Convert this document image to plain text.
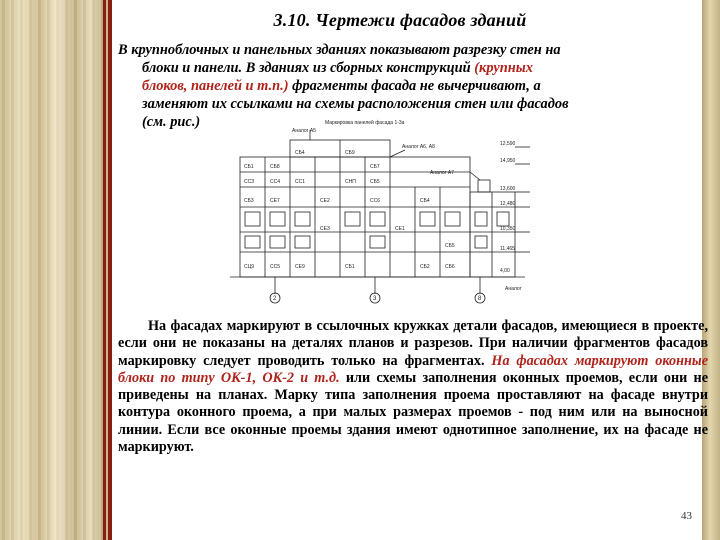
3.10. Чертежи фасадов зданий

В крупноблочных и панельных зданиях показывают разрезку стен на

блоки и панели. В зданиях из сборных конструкций (крупных

блоков, панелей и т.п.) фрагменты фасада не вычерчивают, а

заменяют их ссылками на схемы расположения стен или фасадов

(см. рис.)	Маркировка панелей фасада 1-3а
Аналог А5
Аналог А6, А8
Аналог А7
12,590
14,950
13,600
12,480
10,350
11,465
4,00
СБ1	СБ8
СБ4	СБ9
СБ7
ССЗ	СС4	СС1	СНП	СБ5
СБ3	СЕ7	СЕ2	СС6	СБ4
СЕ3	СЕ1
СБ5
СЦ9	СС5	СЕ9	СБ1	СБ2	СБ6
2	3	8
Аналог

На фасадах маркируют в ссылочных кружках детали фасадов, имеющиеся в проекте, если они не показаны на деталях планов и разрезов. При наличии фрагментов фасадов маркировку следует проводить только на фрагментах. На фасадах маркируют оконные блоки по типу ОК-1, ОК-2 и т.д. или схемы заполнения оконных проемов, если они не приведены на планах. Марку типа заполнения проема проставляют на фасаде внутри контура оконного проема, а при малых размерах проемов - под ним или на выносной линии. Если все оконные проемы здания имеют однотипное заполнение, их на фасаде не маркируют.

43
